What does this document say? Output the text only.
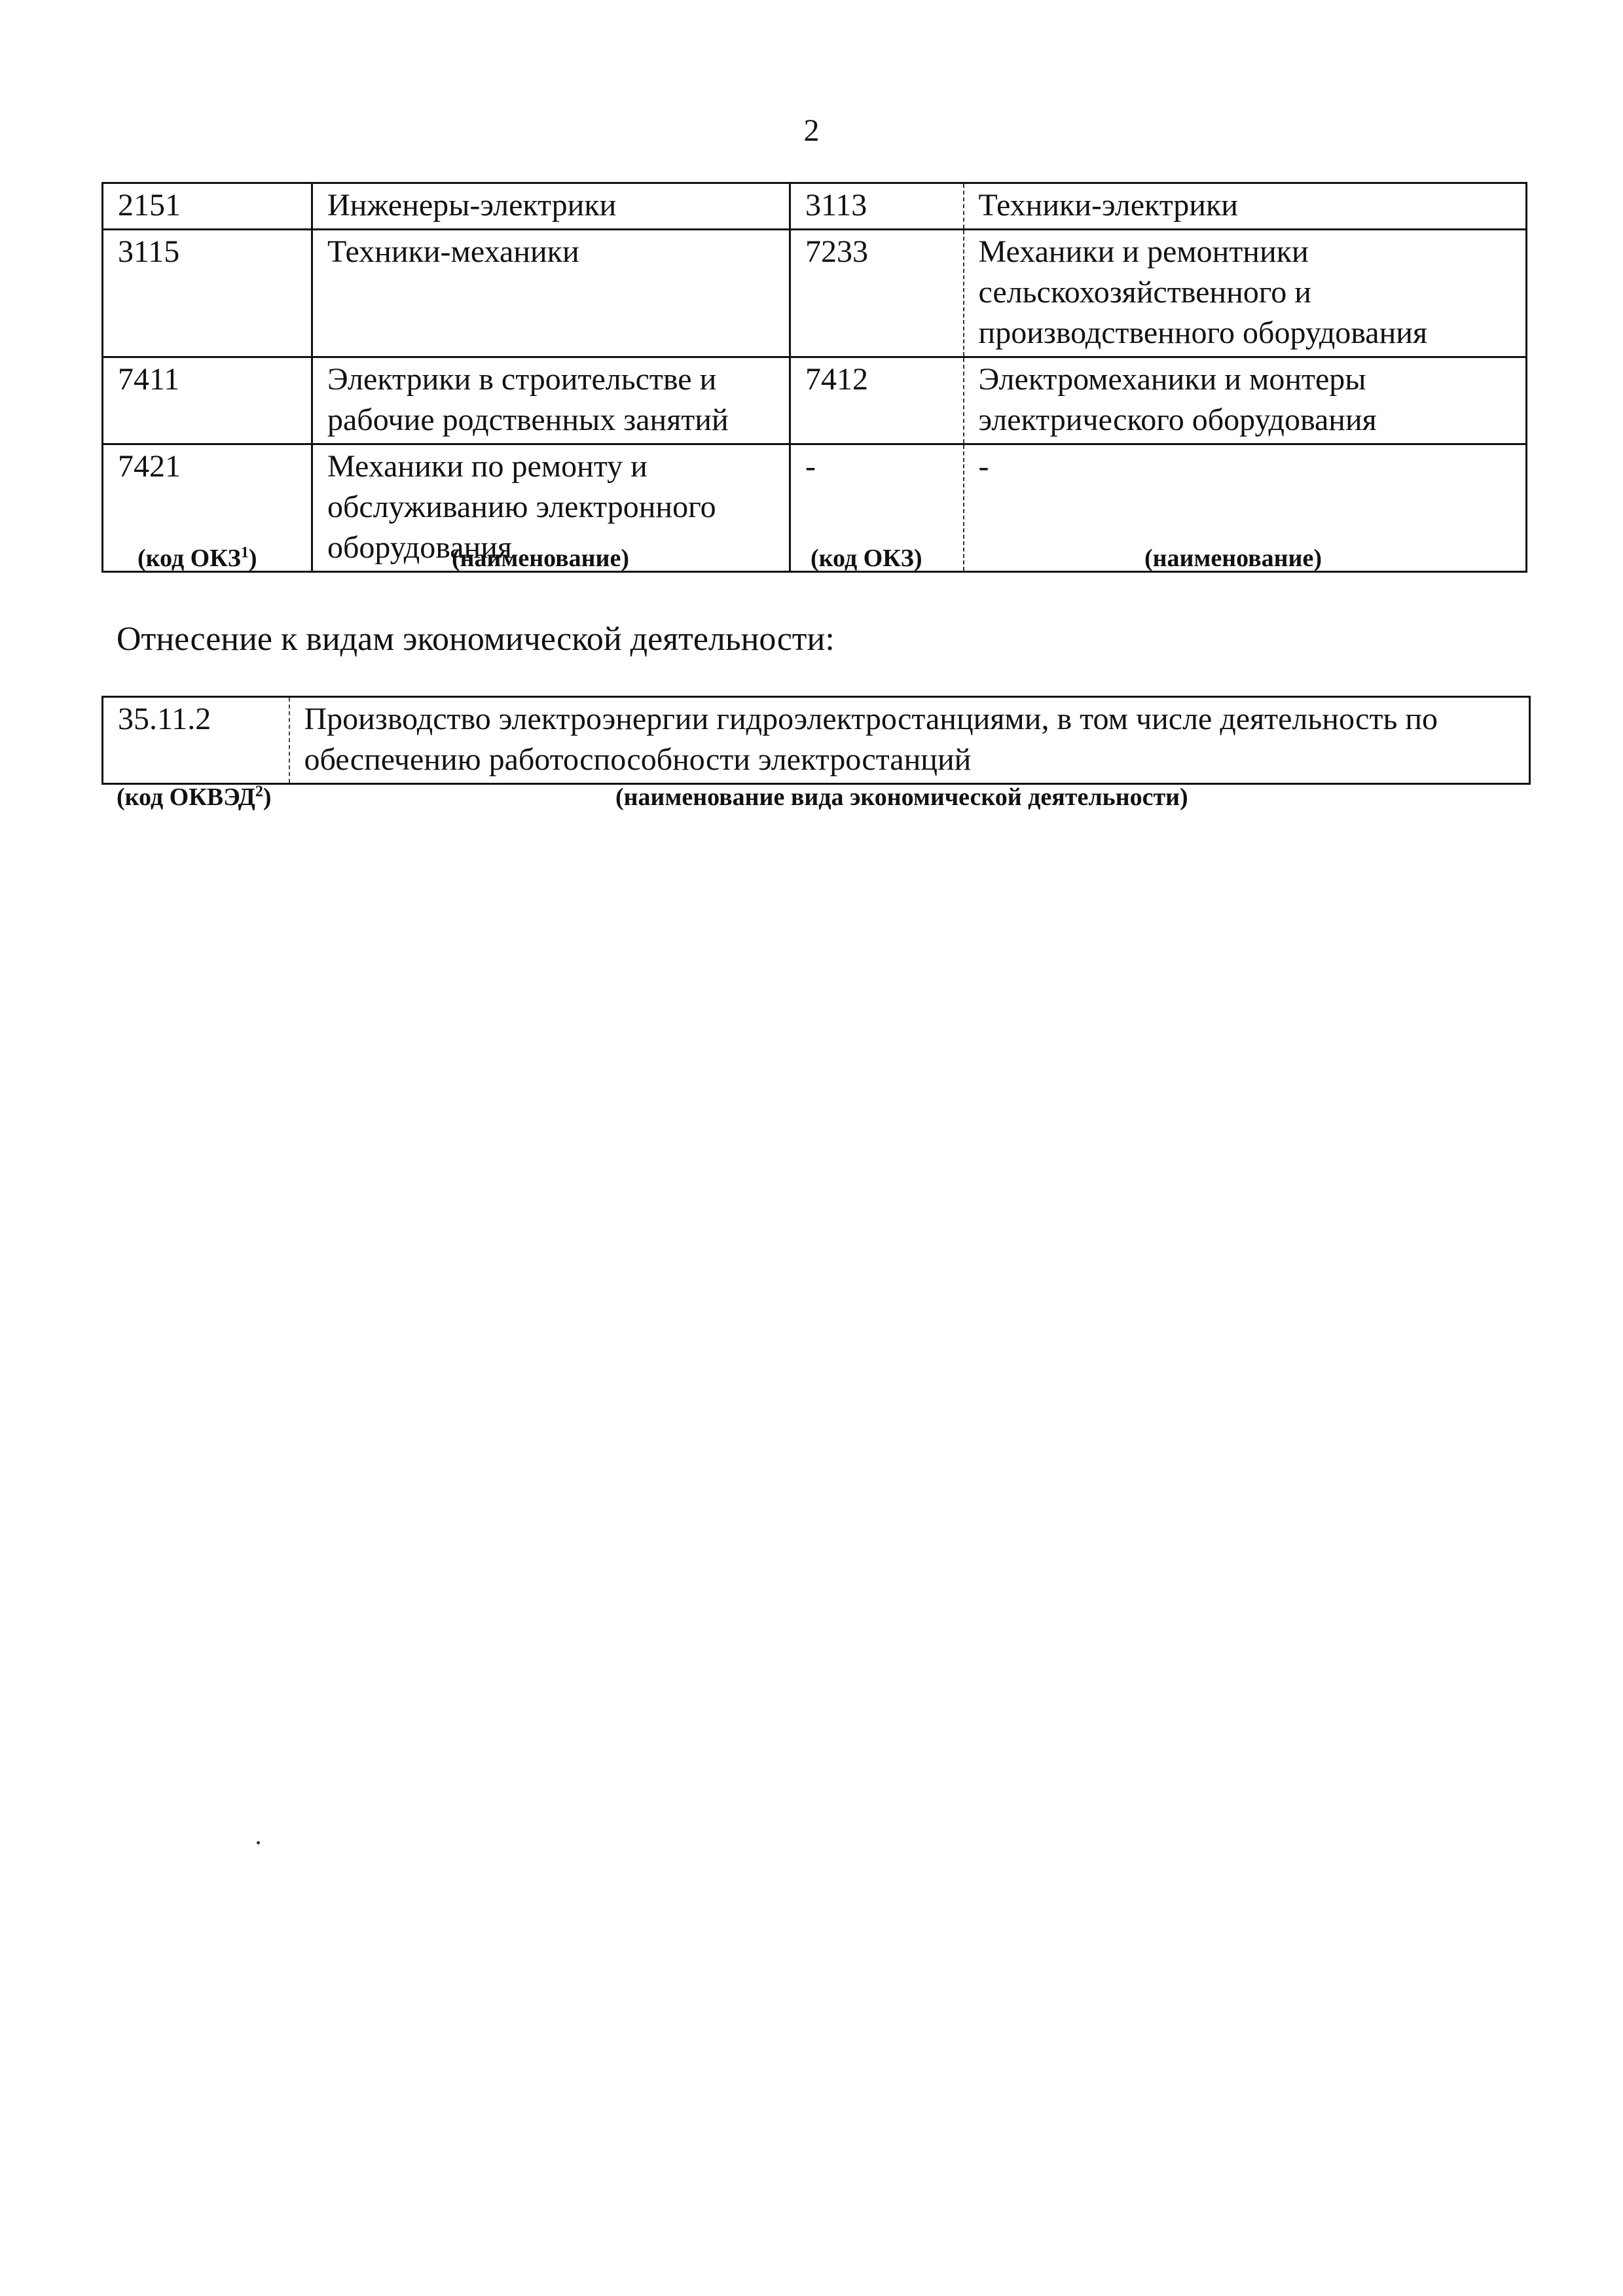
2
2151	Инженеры-электрики	3113	Техники-электрики
3115	Техники-механики	7233	Механики и ремонтники сельскохозяйственного и производственного оборудования
7411	Электрики в строительстве и рабочие родственных занятий	7412	Электромеханики и монтеры электрического оборудования
7421	Механики по ремонту и обслуживанию электронного оборудования	-	-
(код ОКЗ$^1$)	(наименование)	(код ОКЗ)	(наименование)
Отнесение к видам экономической деятельности:
35.11.2	Производство электроэнергии гидроэлектростанциями, в том числе деятельность по обеспечению работоспособности электростанций
(код ОКВЭД$^2$)	(наименование вида экономической деятельности)
